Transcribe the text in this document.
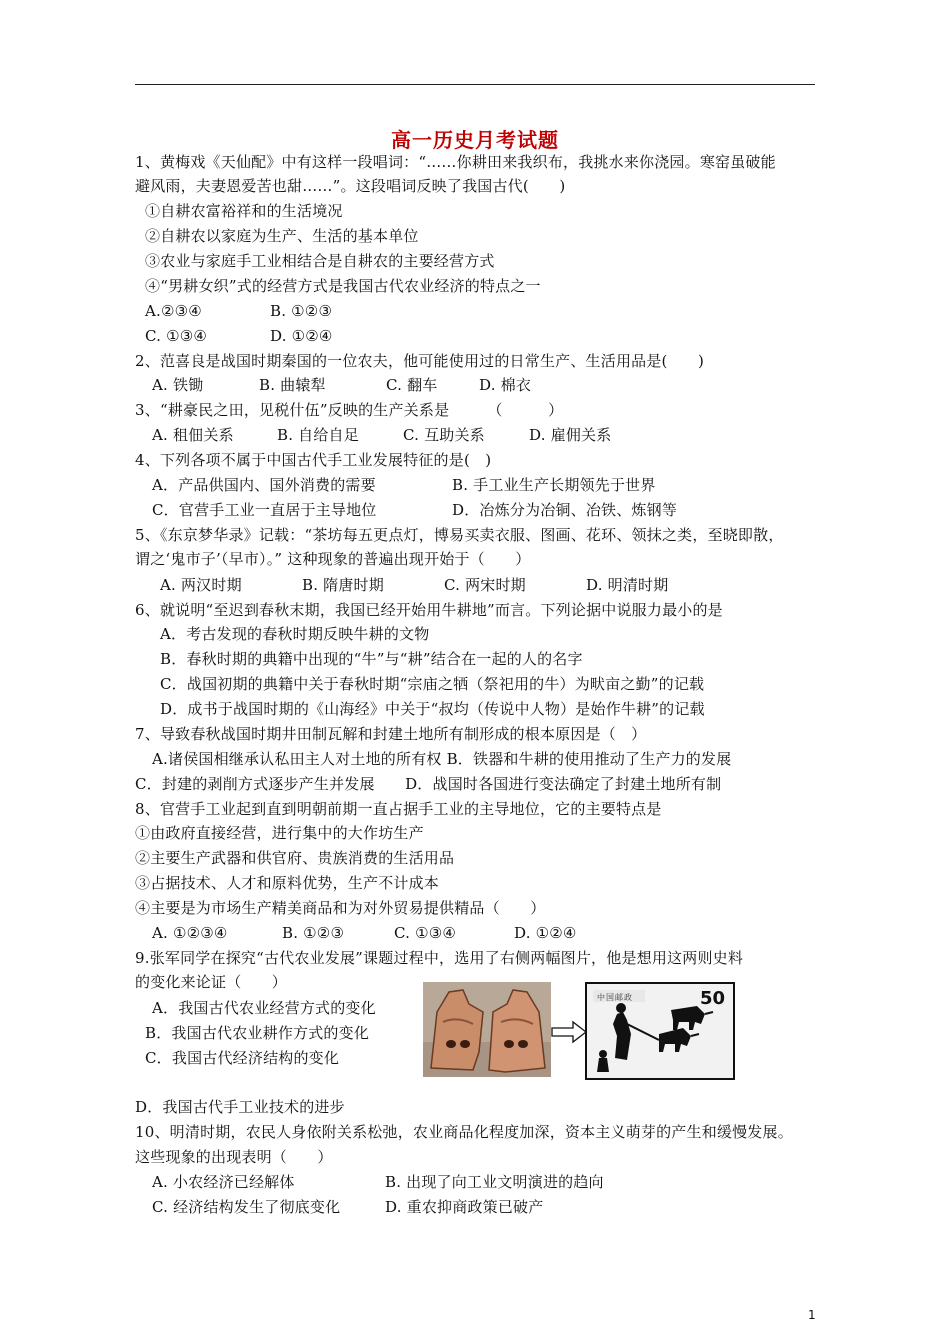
高一历史月考试题
1、黄梅戏《天仙配》中有这样一段唱词：“……你耕田来我织布，我挑水来你浇园。寒窑虽破能
避风雨，夫妻恩爱苦也甜……”。这段唱词反映了我国古代(　　)
①自耕农富裕祥和的生活境况
②自耕农以家庭为生产、生活的基本单位
③农业与家庭手工业相结合是自耕农的主要经营方式
④“男耕女织”式的经营方式是我国古代农业经济的特点之一
A.②③④	B. ①②③
C. ①③④	D. ①②④
2、范喜良是战国时期秦国的一位农夫，他可能使用过的日常生产、生活用品是(　　)
A. 铁锄	B. 曲辕犁	C. 翻车	D. 棉衣
3、“耕豪民之田，见税什伍”反映的生产关系是　　　（　　　）
A. 租佃关系	B. 自给自足	C. 互助关系	D. 雇佣关系
4、下列各项不属于中国古代手工业发展特征的是(　)
A．产品供国内、国外消费的需要	B. 手工业生产长期领先于世界
C．官营手工业一直居于主导地位	D．冶炼分为冶铜、冶铁、炼钢等
5、《东京梦华录》记载：“茶坊每五更点灯，博易买卖衣服、图画、花环、领抹之类，至晓即散，
谓之‘鬼市子’（早市）。” 这种现象的普遍出现开始于（　　）
A. 两汉时期	B. 隋唐时期	C. 两宋时期	D. 明清时期
6、就说明“至迟到春秋末期，我国已经开始用牛耕地”而言。下列论据中说服力最小的是
A．考古发现的春秋时期反映牛耕的文物
B．春秋时期的典籍中出现的“牛”与“耕”结合在一起的人的名字
C．战国初期的典籍中关于春秋时期“宗庙之牺（祭祀用的牛）为畎亩之勤”的记载
D．成书于战国时期的《山海经》中关于“叔均（传说中人物）是始作牛耕”的记载
7、导致春秋战国时期井田制瓦解和封建土地所有制形成的根本原因是（　）
A.诸侯国相继承认私田主人对土地的所有权 B．铁器和牛耕的使用推动了生产力的发展
C．封建的剥削方式逐步产生并发展　　D．战国时各国进行变法确定了封建土地所有制
8、官营手工业起到直到明朝前期一直占据手工业的主导地位，它的主要特点是
①由政府直接经营，进行集中的大作坊生产
②主要生产武器和供官府、贵族消费的生活用品
③占据技术、人才和原料优势，生产不计成本
④主要是为市场生产精美商品和为对外贸易提供精品（　　）
A. ①②③④	B. ①②③	C. ①③④	D. ①②④
9.张军同学在探究“古代农业发展”课题过程中，选用了右侧两幅图片，他是想用这两则史料
的变化来论证（　　）
A．我国古代农业经营方式的变化
B．我国古代农业耕作方式的变化
C．我国古代经济结构的变化
中国邮政	50
D．我国古代手工业技术的进步
10、明清时期，农民人身依附关系松弛，农业商品化程度加深，资本主义萌芽的产生和缓慢发展。
这些现象的出现表明（　　）
A. 小农经济已经解体	B. 出现了向工业文明演进的趋向
C. 经济结构发生了彻底变化	D. 重农抑商政策已破产
1
